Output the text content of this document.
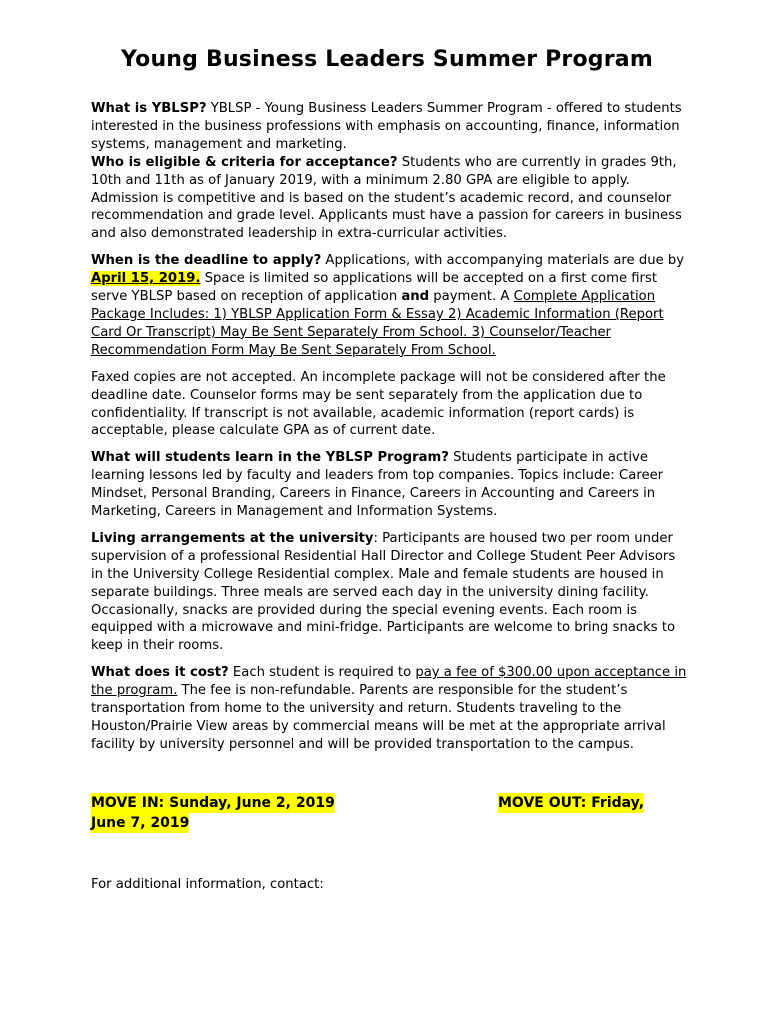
Young Business Leaders Summer Program

What is YBLSP? YBLSP - Young Business Leaders Summer Program - offered to students interested in the business professions with emphasis on accounting, finance, information systems, management and marketing.

Who is eligible & criteria for acceptance? Students who are currently in grades 9th, 10th and 11th as of January 2019, with a minimum 2.80 GPA are eligible to apply. Admission is competitive and is based on the student’s academic record, and counselor recommendation and grade level. Applicants must have a passion for careers in business and also demonstrated leadership in extra-curricular activities.

When is the deadline to apply? Applications, with accompanying materials are due by April 15, 2019. Space is limited so applications will be accepted on a first come first serve YBLSP based on reception of application and payment. A Complete Application Package Includes: 1) YBLSP Application Form & Essay 2) Academic Information (Report Card Or Transcript) May Be Sent Separately From School. 3) Counselor/Teacher Recommendation Form May Be Sent Separately From School.

Faxed copies are not accepted. An incomplete package will not be considered after the deadline date. Counselor forms may be sent separately from the application due to confidentiality. If transcript is not available, academic information (report cards) is acceptable, please calculate GPA as of current date.

What will students learn in the YBLSP Program? Students participate in active learning lessons led by faculty and leaders from top companies. Topics include: Career Mindset, Personal Branding, Careers in Finance, Careers in Accounting and Careers in Marketing, Careers in Management and Information Systems.

Living arrangements at the university: Participants are housed two per room under supervision of a professional Residential Hall Director and College Student Peer Advisors in the University College Residential complex. Male and female students are housed in separate buildings. Three meals are served each day in the university dining facility. Occasionally, snacks are provided during the special evening events. Each room is equipped with a microwave and mini-fridge. Participants are welcome to bring snacks to keep in their rooms.

What does it cost? Each student is required to pay a fee of $300.00 upon acceptance in the program. The fee is non-refundable. Parents are responsible for the student’s transportation from home to the university and return. Students traveling to the Houston/Prairie View areas by commercial means will be met at the appropriate arrival facility by university personnel and will be provided transportation to the campus.

MOVE IN: Sunday, June 2, 2019	MOVE OUT: Friday,
June 7, 2019

For additional information, contact:
